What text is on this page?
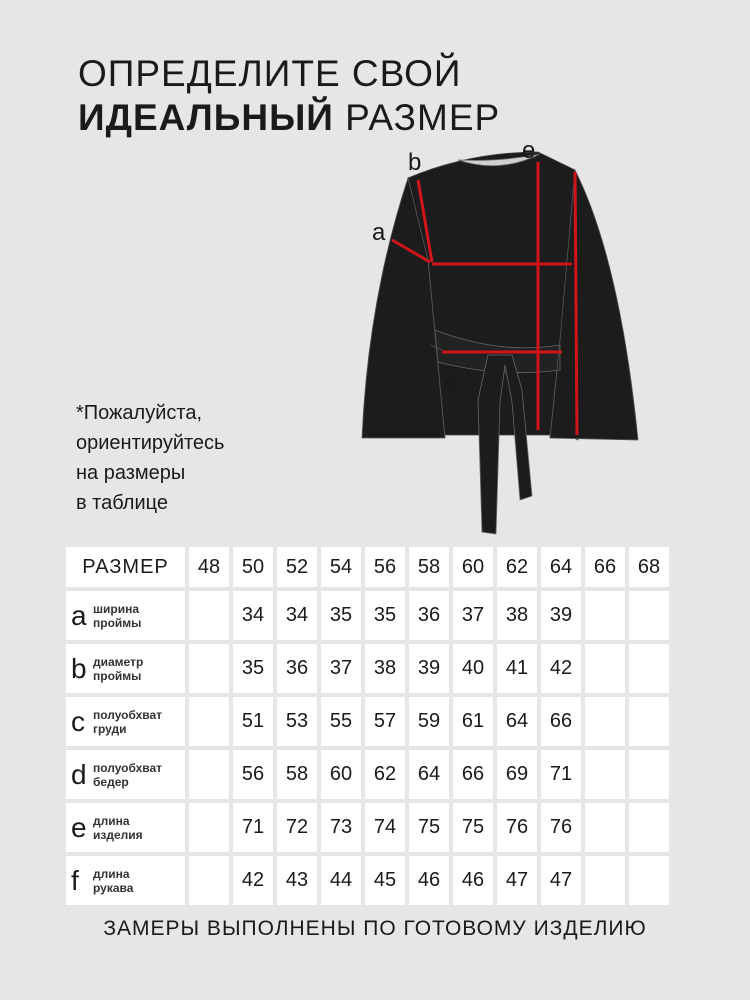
ОПРЕДЕЛИТЕ СВОЙ
ИДЕАЛЬНЫЙ РАЗМЕР
*Пожалуйста,
ориентируйтесь
на размеры
в таблице
a
b
c
d
e
f
РАЗМЕР	48	50	52	54	56	58	60	62	64	66	68

a ширина
проймы		34	34	35	35	36	37	38	39		

b диаметр
проймы		35	36	37	38	39	40	41	42		

c полуобхват
груди		51	53	55	57	59	61	64	66		

d полуобхват
бедер		56	58	60	62	64	66	69	71		

e длина
изделия		71	72	73	74	75	75	76	76		

f длина
рукава		42	43	44	45	46	46	47	47		
ЗАМЕРЫ ВЫПОЛНЕНЫ ПО ГОТОВОМУ ИЗДЕЛИЮ
